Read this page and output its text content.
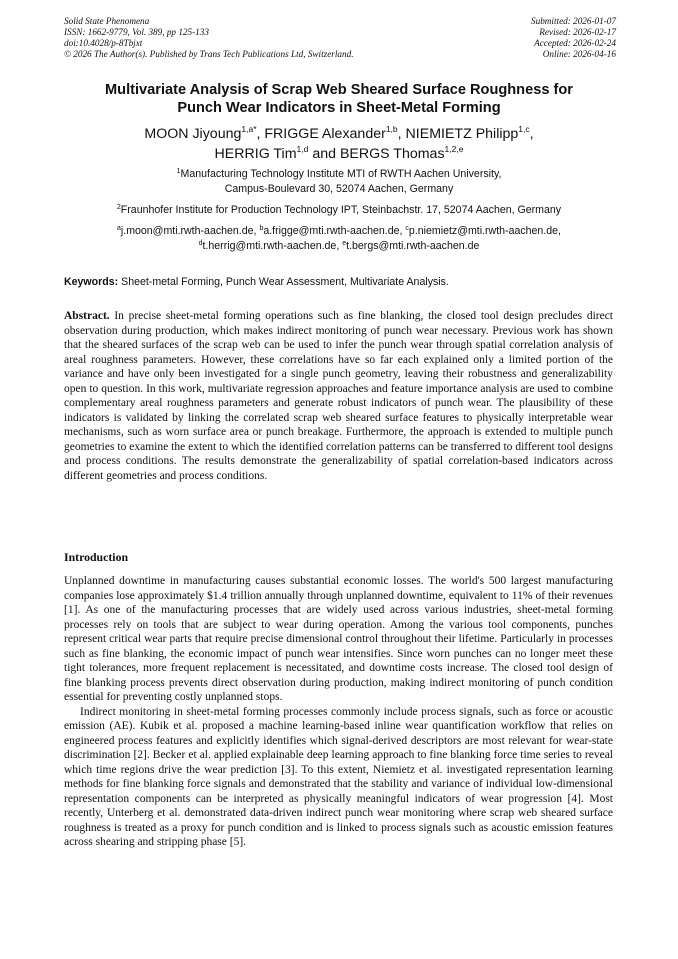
Solid State Phenomena
ISSN: 1662-9779, Vol. 389, pp 125-133
doi:10.4028/p-8Tbjxt
© 2026 The Author(s). Published by Trans Tech Publications Ltd, Switzerland.
Submitted: 2026-01-07
Revised: 2026-02-17
Accepted: 2026-02-24
Online: 2026-04-16
Multivariate Analysis of Scrap Web Sheared Surface Roughness for
Punch Wear Indicators in Sheet-Metal Forming
MOON Jiyoung$^{1,a*}$, FRIGGE Alexander$^{1,b}$, NIEMIETZ Philipp$^{1,c}$,
HERRIG Tim$^{1,d}$ and BERGS Thomas$^{1,2,e}$
$^1$Manufacturing Technology Institute MTI of RWTH Aachen University,
Campus-Boulevard 30, 52074 Aachen, Germany
$^2$Fraunhofer Institute for Production Technology IPT, Steinbachstr. 17, 52074 Aachen, Germany
$^a$j.moon@mti.rwth-aachen.de, $^b$a.frigge@mti.rwth-aachen.de, $^c$p.niemietz@mti.rwth-aachen.de,
$^d$t.herrig@mti.rwth-aachen.de, $^e$t.bergs@mti.rwth-aachen.de
Keywords: Sheet-metal Forming, Punch Wear Assessment, Multivariate Analysis.
Abstract. In precise sheet-metal forming operations such as fine blanking, the closed tool design precludes direct observation during production, which makes indirect monitoring of punch wear necessary. Previous work has shown that the sheared surfaces of the scrap web can be used to infer the punch wear through spatial correlation analysis of areal roughness parameters. However, these correlations have so far each explained only a limited portion of the variance and have only been investigated for a single punch geometry, leaving their robustness and generalizability open to question. In this work, multivariate regression approaches and feature importance analysis are used to combine complementary areal roughness parameters and generate robust indicators of punch wear. The plausibility of these indicators is validated by linking the correlated scrap web sheared surface features to physically interpretable wear mechanisms, such as worn surface area or punch breakage. Furthermore, the approach is extended to multiple punch geometries to examine the extent to which the identified correlation patterns can be transferred to different tool designs and process conditions. The results demonstrate the generalizability of spatial correlation-based indicators across different geometries and process conditions.
Introduction

Unplanned downtime in manufacturing causes substantial economic losses. The world's 500 largest manufacturing companies lose approximately $1.4 trillion annually through unplanned downtime, equivalent to 11% of their revenues [1]. As one of the manufacturing processes that are widely used across various industries, sheet-metal forming processes rely on tools that are subject to wear during operation. Among the various tool components, punches represent critical wear parts that require precise dimensional control throughout their lifetime. Particularly in processes such as fine blanking, the economic impact of punch wear intensifies. Since worn punches can no longer meet these tight tolerances, more frequent replacement is necessitated, and downtime costs increase. The closed tool design of fine blanking process prevents direct observation during production, making indirect monitoring of punch condition essential for preventing costly unplanned stops.

Indirect monitoring in sheet-metal forming processes commonly include process signals, such as force or acoustic emission (AE). Kubik et al. proposed a machine learning-based inline wear quantification workflow that relies on engineered process features and explicitly identifies which signal-derived descriptors are most relevant for wear-state discrimination [2]. Becker et al. applied explainable deep learning approach to fine blanking force time series to reveal which time regions drive the wear prediction [3]. To this extent, Niemietz et al. investigated representation learning methods for fine blanking force signals and demonstrated that the stability and variance of individual low-dimensional representation components can be interpreted as physically meaningful indicators of wear progression [4]. Most recently, Unterberg et al. demonstrated data-driven indirect punch wear monitoring where scrap web sheared surface roughness is treated as a proxy for punch condition and is linked to process signals such as acoustic emission features across shearing and stripping phase [5].
